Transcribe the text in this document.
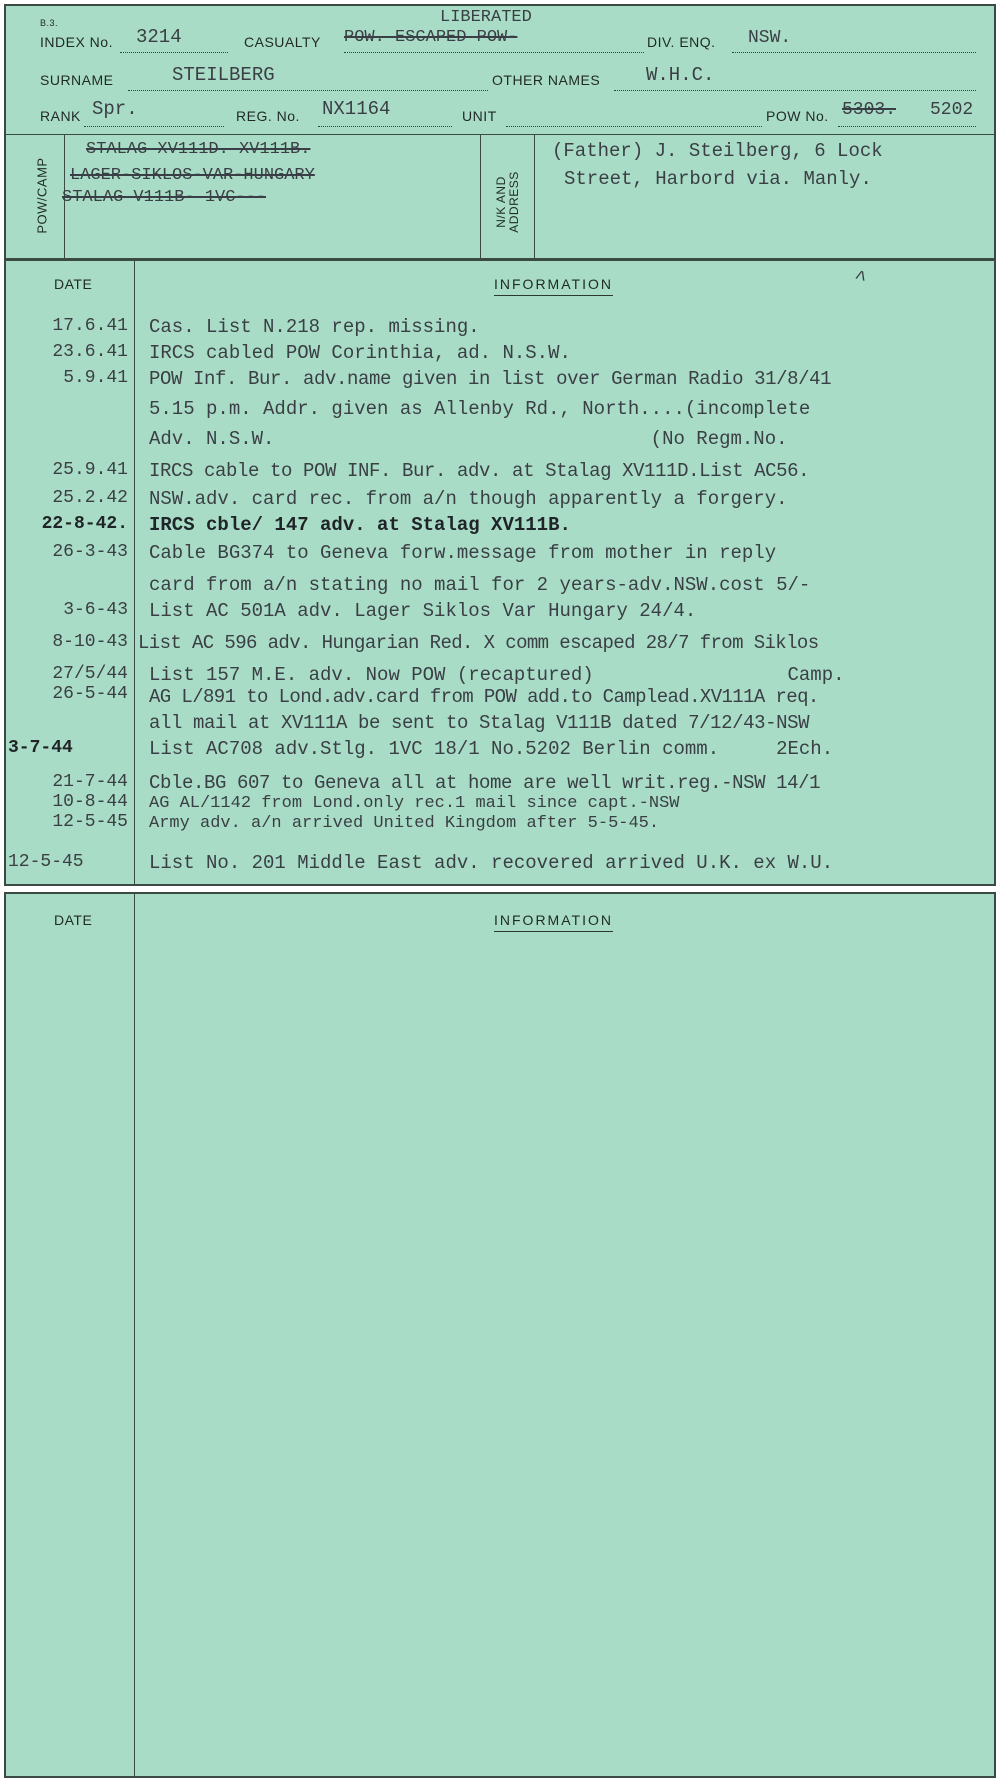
B.3.
INDEX No. 3214	CASUALTY
LIBERATED
POW. ESCAPED POW-	DIV. ENQ. NSW.
SURNAME	STEILBERG	OTHER NAMES W.H.C.
RANK Spr.	REG. No. NX1164	UNIT	POW No. 5303. 5202
POW/CAMP
STALAG XV111D. XV111B.
LAGER-SIKLOS-VAR-HUNGARY
STALAG V111B- 1VC---	N/K AND ADDRESS
(Father) J. Steilberg, 6 Lock
Street, Harbord via. Manly.
DATE	INFORMATION	^
17.6.41 Cas. List N.218 rep. missing.
23.6.41 IRCS cabled POW Corinthia, ad. N.S.W.
5.9.41 POW Inf. Bur. adv.name given in list over German Radio 31/8/41
5.15 p.m. Addr. given as Allenby Rd., North....(incomplete
Adv. N.S.W.                                 (No Regm.No.
25.9.41 IRCS cable to POW INF. Bur. adv. at Stalag XV111D.List AC56.
25.2.42 NSW.adv. card rec. from a/n though apparently a forgery.
22-8-42. IRCS cble/ 147 adv. at Stalag XV111B.
26-3-43 Cable BG374 to Geneva forw.message from mother in reply
card from a/n stating no mail for 2 years-adv.NSW.cost 5/-
3-6-43 List AC 501A adv. Lager Siklos Var Hungary 24/4.
8-10-43 List AC 596 adv. Hungarian Red. X comm escaped 28/7 from Siklos
27/5/44 List 157 M.E. adv. Now POW (recaptured)                 Camp.
26-5-44 AG L/891 to Lond.adv.card from POW add.to Camplead.XV111A req.
all mail at XV111A be sent to Stalag V111B dated 7/12/43-NSW
3-7-44	List AC708 adv.Stlg. 1VC 18/1 No.5202 Berlin comm.     2Ech.
21-7-44 Cble.BG 607 to Geneva all at home are well writ.reg.-NSW 14/1
10-8-44 AG AL/1142 from Lond.only rec.1 mail since capt.-NSW
12-5-45 Army adv. a/n arrived United Kingdom after 5-5-45.
12-5-45	List No. 201 Middle East adv. recovered arrived U.K. ex W.U.
DATE	INFORMATION
